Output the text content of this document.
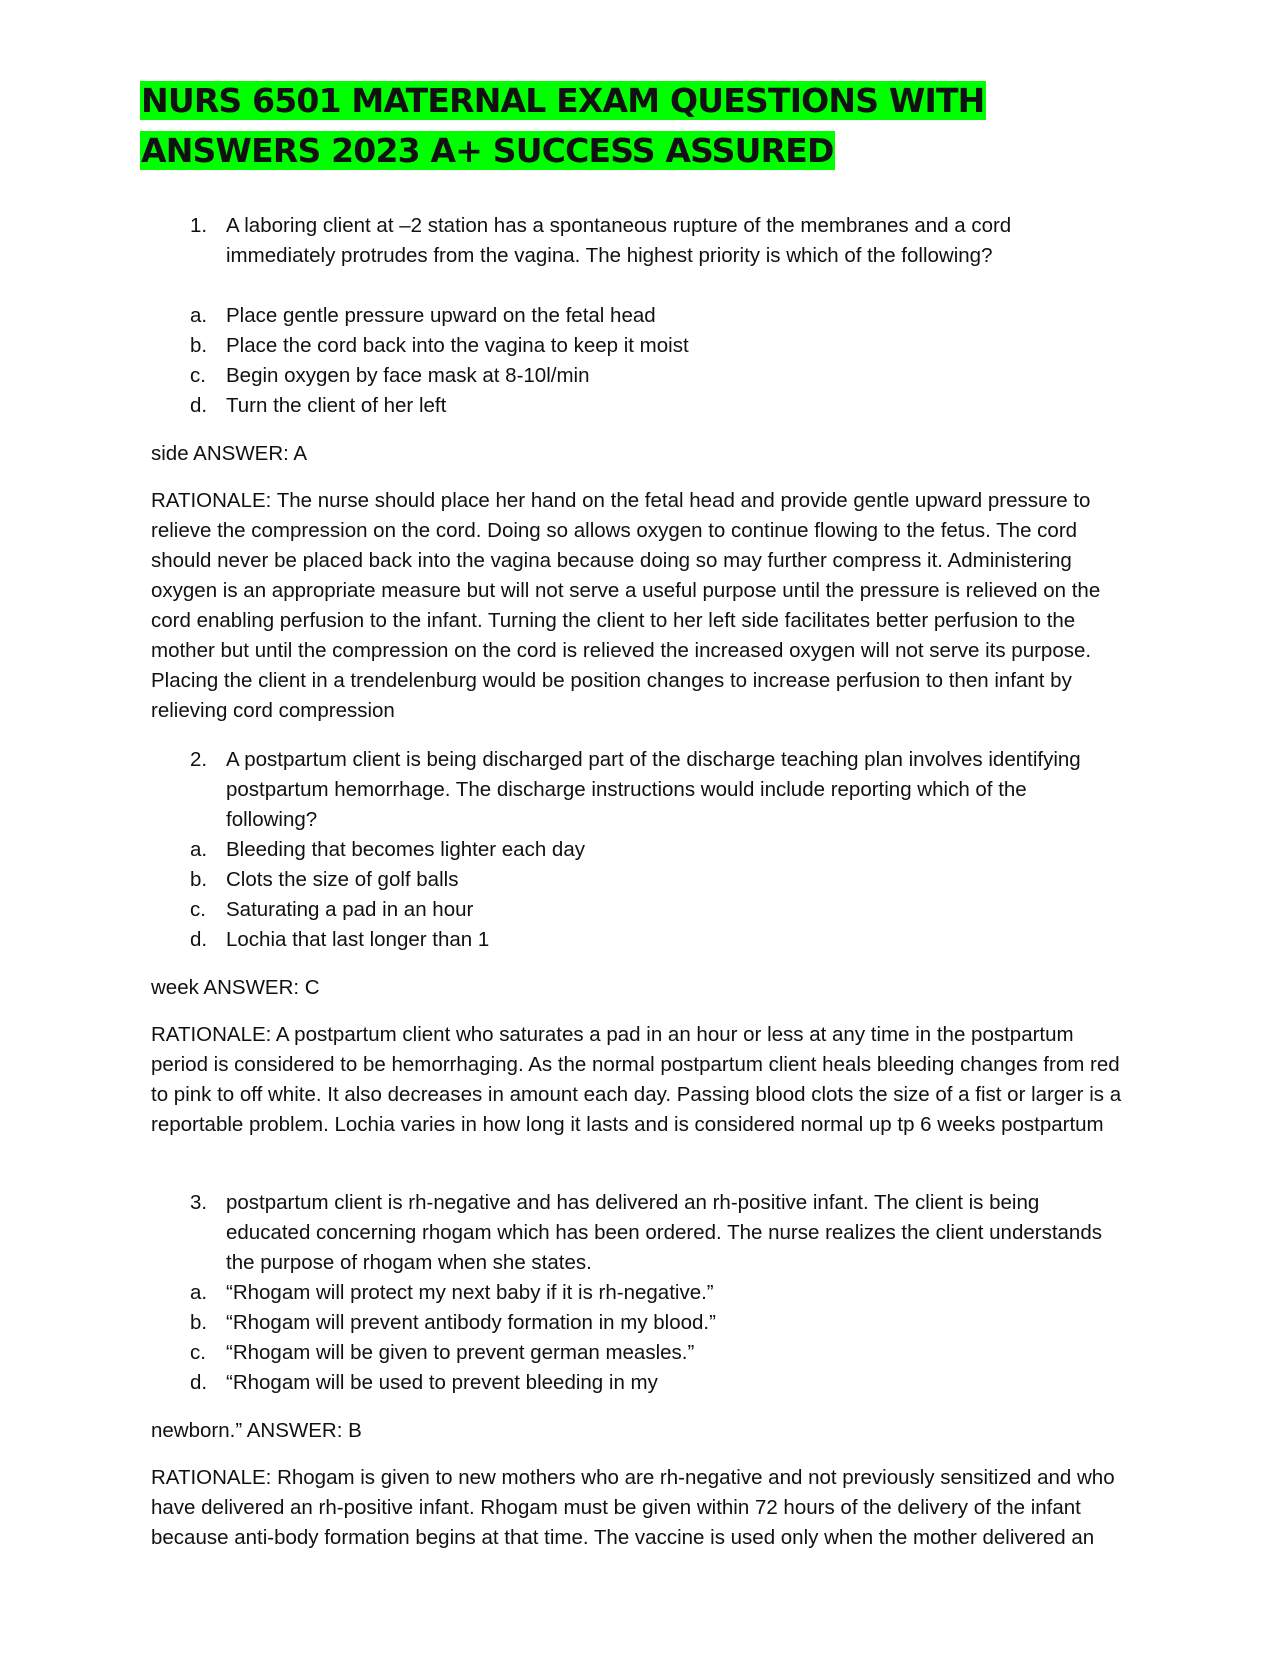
NURS 6501 MATERNAL EXAM QUESTIONS WITH
ANSWERS 2023 A+ SUCCESS ASSURED
1. A laboring client at –2 station has a spontaneous rupture of the membranes and a cord immediately protrudes from the vagina. The highest priority is which of the following?
a. Place gentle pressure upward on the fetal head
b. Place the cord back into the vagina to keep it moist
c. Begin oxygen by face mask at 8-10l/min
d. Turn the client of her left
side ANSWER: A
RATIONALE: The nurse should place her hand on the fetal head and provide gentle upward pressure to relieve the compression on the cord. Doing so allows oxygen to continue flowing to the fetus. The cord should never be placed back into the vagina because doing so may further compress it. Administering oxygen is an appropriate measure but will not serve a useful purpose until the pressure is relieved on the cord enabling perfusion to the infant. Turning the client to her left side facilitates better perfusion to the mother but until the compression on the cord is relieved the increased oxygen will not serve its purpose. Placing the client in a trendelenburg would be position changes to increase perfusion to then infant by relieving cord compression
2. A postpartum client is being discharged part of the discharge teaching plan involves identifying postpartum hemorrhage. The discharge instructions would include reporting which of the following?
a. Bleeding that becomes lighter each day
b. Clots the size of golf balls
c. Saturating a pad in an hour
d. Lochia that last longer than 1
week ANSWER: C
RATIONALE: A postpartum client who saturates a pad in an hour or less at any time in the postpartum period is considered to be hemorrhaging. As the normal postpartum client heals bleeding changes from red to pink to off white. It also decreases in amount each day. Passing blood clots the size of a fist or larger is a reportable problem. Lochia varies in how long it lasts and is considered normal up tp 6 weeks postpartum
3. postpartum client is rh-negative and has delivered an rh-positive infant. The client is being educated concerning rhogam which has been ordered. The nurse realizes the client understands the purpose of rhogam when she states.
a. “Rhogam will protect my next baby if it is rh-negative.”
b. “Rhogam will prevent antibody formation in my blood.”
c. “Rhogam will be given to prevent german measles.”
d. “Rhogam will be used to prevent bleeding in my
newborn.” ANSWER: B
RATIONALE: Rhogam is given to new mothers who are rh-negative and not previously sensitized and who have delivered an rh-positive infant. Rhogam must be given within 72 hours of the delivery of the infant because anti-body formation begins at that time. The vaccine is used only when the mother delivered an
